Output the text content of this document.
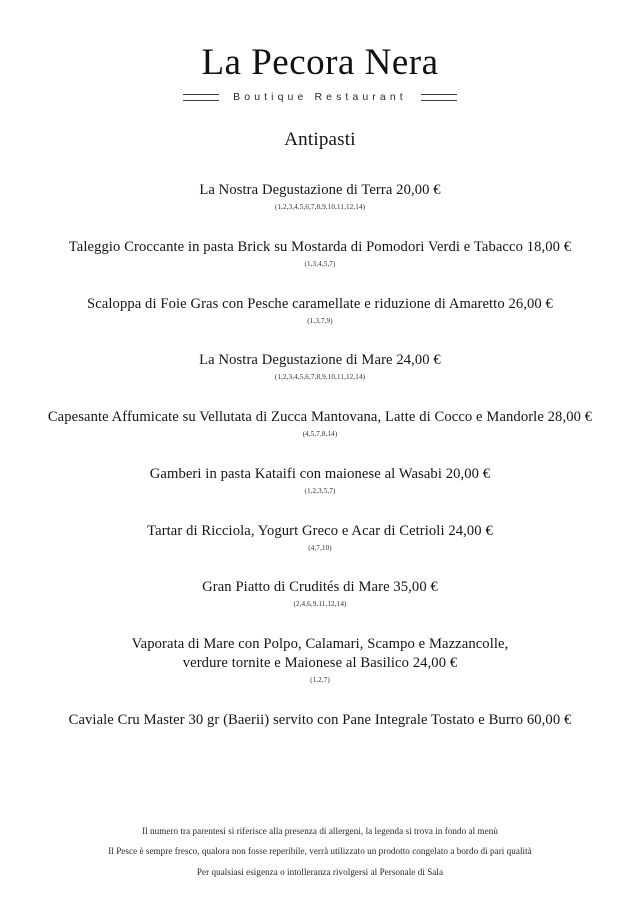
La Pecora Nera
Boutique Restaurant
Antipasti
La Nostra Degustazione di Terra 20,00 €
(1,2,3,4,5,6,7,8,9,10,11,12,14)
Taleggio Croccante in pasta Brick su Mostarda di Pomodori Verdi e Tabacco 18,00 €
(1,3,4,5,7)
Scaloppa di Foie Gras con Pesche caramellate e riduzione di Amaretto 26,00 €
(1,3,7,9)
La Nostra Degustazione di Mare 24,00 €
(1,2,3,4,5,6,7,8,9,10,11,12,14)
Capesante Affumicate su Vellutata di Zucca Mantovana, Latte di Cocco e Mandorle 28,00 €
(4,5,7,8,14)
Gamberi in pasta Kataifi con maionese al Wasabi 20,00 €
(1,2,3,5,7)
Tartar di Ricciola, Yogurt Greco e Acar di Cetrioli 24,00 €
(4,7,10)
Gran Piatto di Crudités di Mare 35,00 €
(2,4,6,9,11,12,14)
Vaporata di Mare con Polpo, Calamari, Scampo e Mazzancolle,
verdure tornite e Maionese al Basilico 24,00 €
(1,2,7)
Caviale Cru Master 30 gr (Baerii) servito con Pane Integrale Tostato e Burro 60,00 €
Il numero tra parentesi si riferisce alla presenza di allergeni, la legenda si trova in fondo al menù
Il Pesce è sempre fresco, qualora non fosse reperibile, verrà utilizzato un prodotto congelato a bordo di pari qualità
Per qualsiasi esigenza o intolleranza rivolgersi al Personale di Sala
